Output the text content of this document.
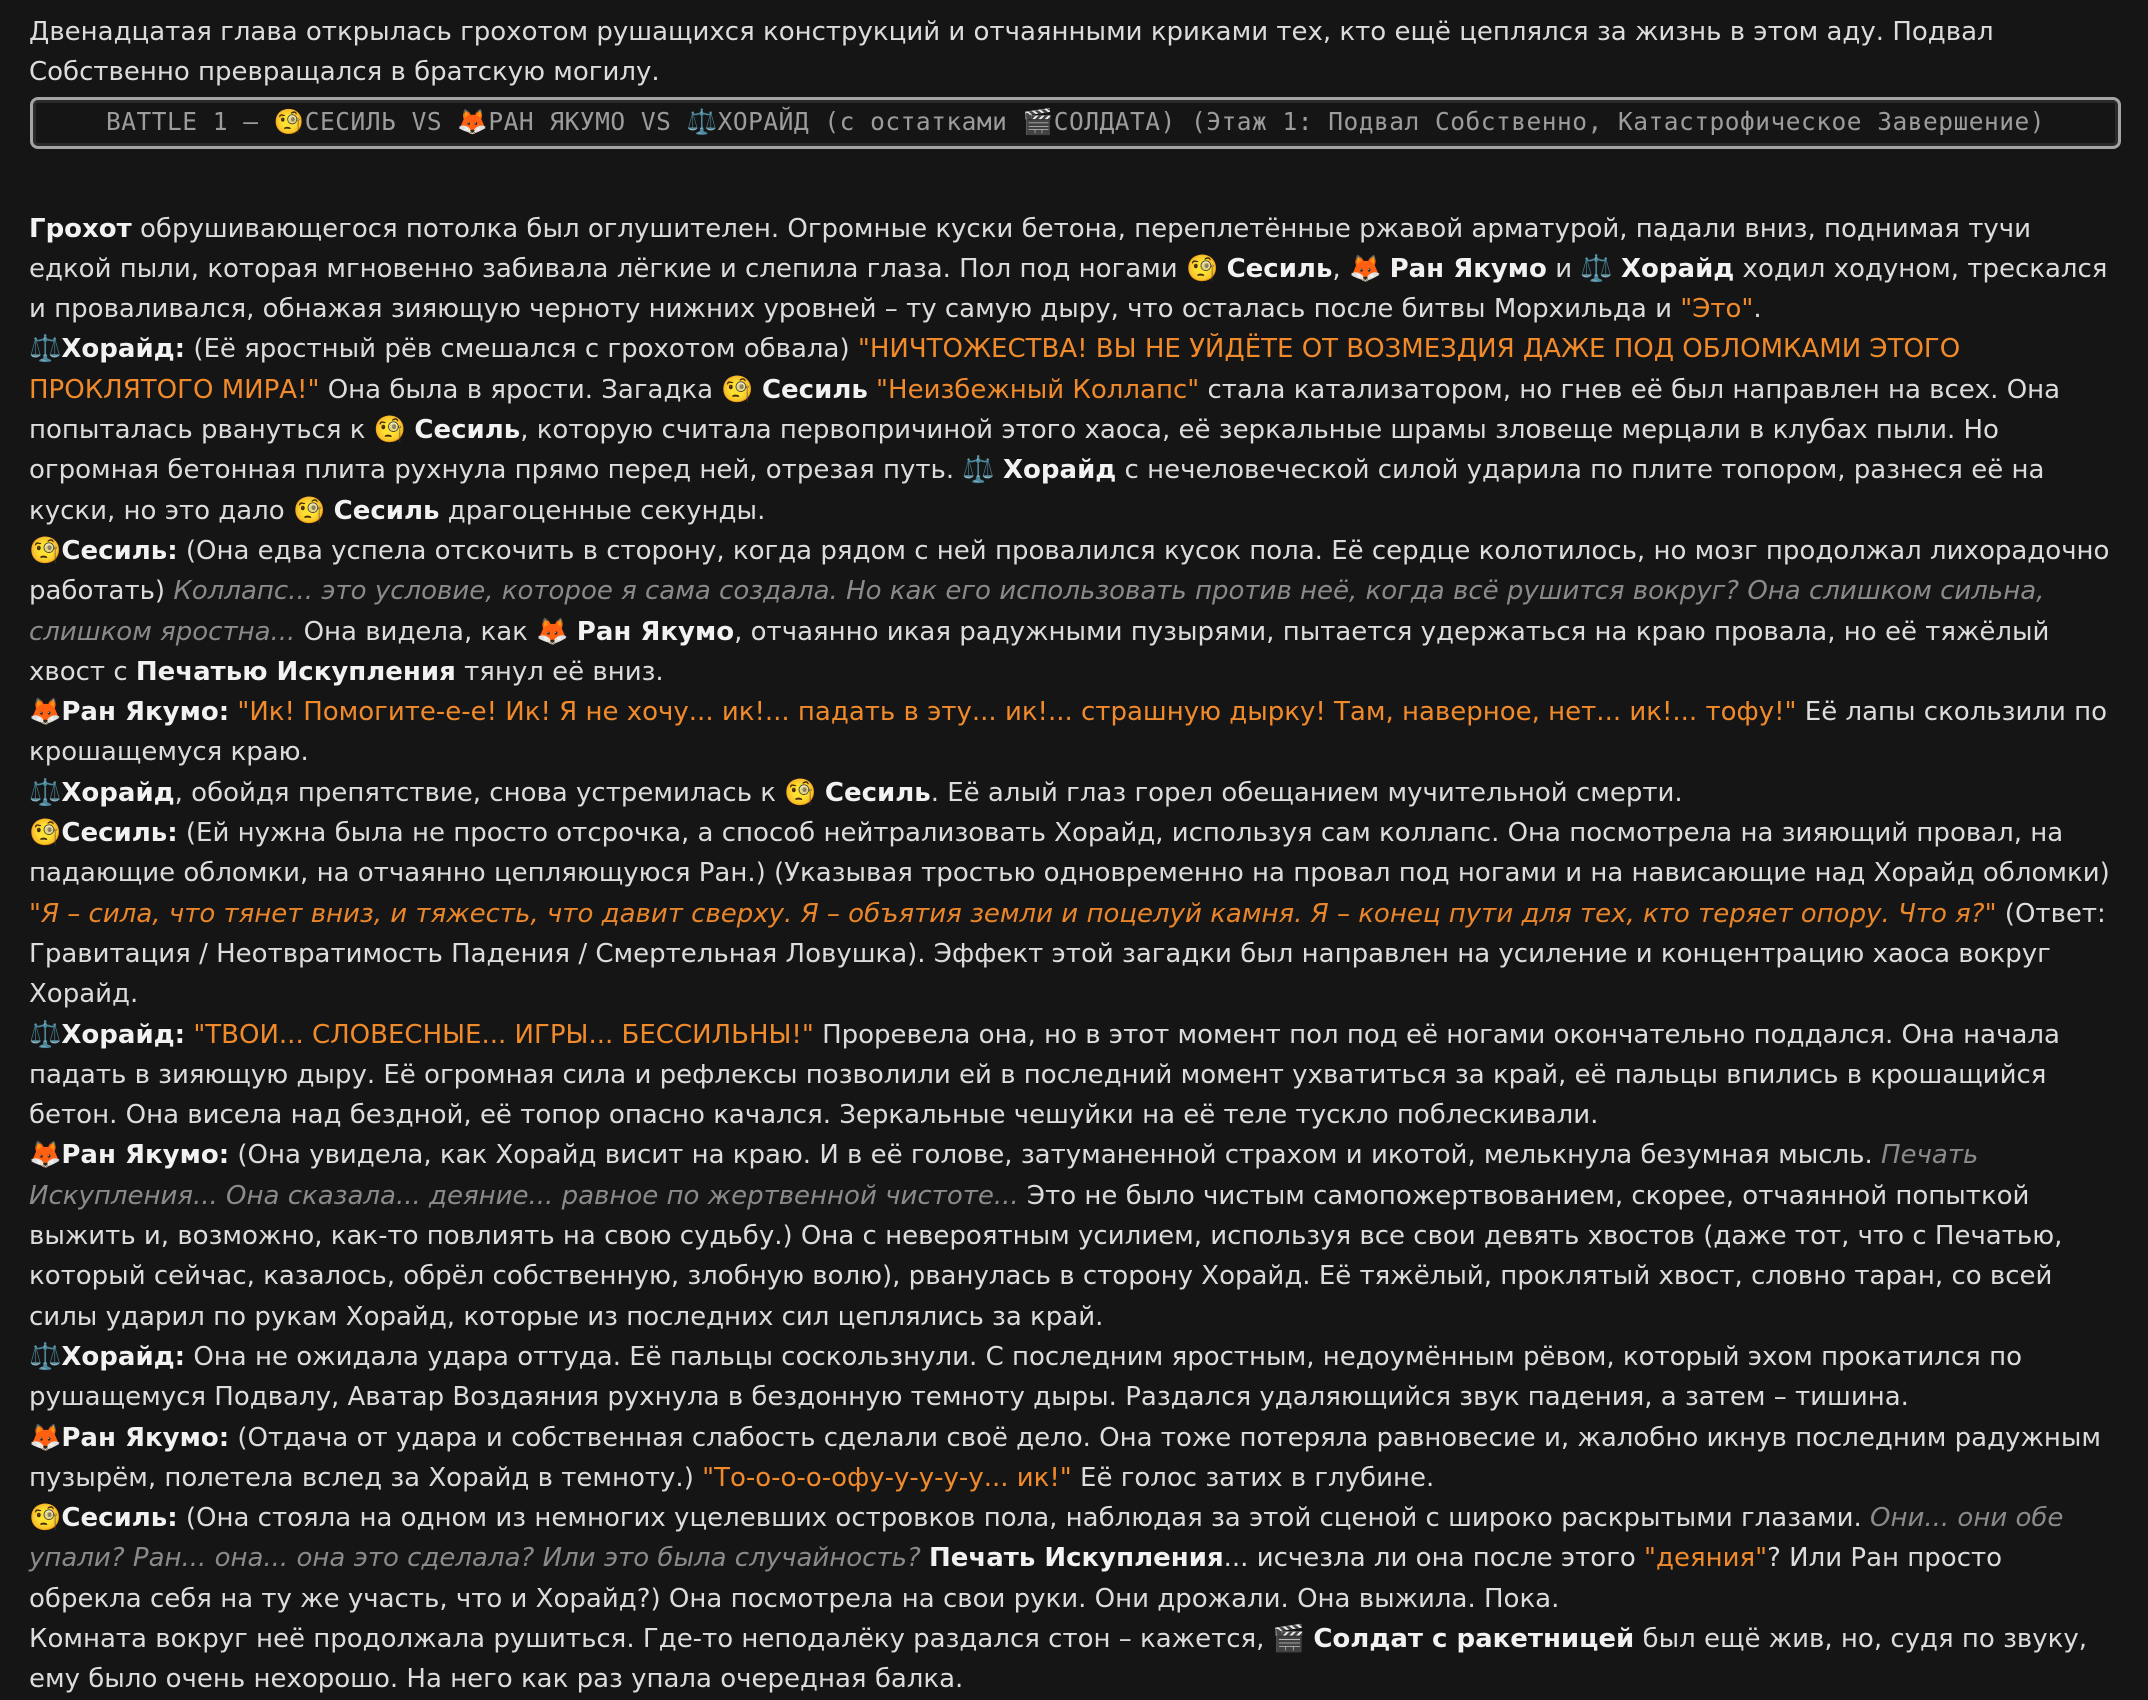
Двенадцатая глава открылась грохотом рушащихся конструкций и отчаянными криками тех, кто ещё цеплялся за жизнь в этом аду. Подвал Собственно превращался в братскую могилу.

BATTLE 1 – 🧐СЕСИЛЬ VS 🦊РАН ЯКУМО VS ⚖️ХОРАЙД (с остатками 🎬СОЛДАТА) (Этаж 1: Подвал Собственно, Катастрофическое Завершение)

Грохот обрушивающегося потолка был оглушителен. Огромные куски бетона, переплетённые ржавой арматурой, падали вниз, поднимая тучи едкой пыли, которая мгновенно забивала лёгкие и слепила глаза. Пол под ногами 🧐 Сесиль, 🦊 Ран Якумо и ⚖️ Хорайд ходил ходуном, трескался и проваливался, обнажая зияющую черноту нижних уровней – ту самую дыру, что осталась после битвы Морхильда и "Это".

⚖️Хорайд: (Её яростный рёв смешался с грохотом обвала) "НИЧТОЖЕСТВА! ВЫ НЕ УЙДЁТЕ ОТ ВОЗМЕЗДИЯ ДАЖЕ ПОД ОБЛОМКАМИ ЭТОГО ПРОКЛЯТОГО МИРА!" Она была в ярости. Загадка 🧐 Сесиль "Неизбежный Коллапс" стала катализатором, но гнев её был направлен на всех. Она попыталась рвануться к 🧐 Сесиль, которую считала первопричиной этого хаоса, её зеркальные шрамы зловеще мерцали в клубах пыли. Но огромная бетонная плита рухнула прямо перед ней, отрезая путь. ⚖️ Хорайд с нечеловеческой силой ударила по плите топором, разнеся её на куски, но это дало 🧐 Сесиль драгоценные секунды.

🧐Сесиль: (Она едва успела отскочить в сторону, когда рядом с ней провалился кусок пола. Её сердце колотилось, но мозг продолжал лихорадочно работать) Коллапс... это условие, которое я сама создала. Но как его использовать против неё, когда всё рушится вокруг? Она слишком сильна, слишком яростна... Она видела, как 🦊 Ран Якумо, отчаянно икая радужными пузырями, пытается удержаться на краю провала, но её тяжёлый хвост с Печатью Искупления тянул её вниз.

🦊Ран Якумо: "Ик! Помогите-е-е! Ик! Я не хочу... ик!... падать в эту... ик!... страшную дырку! Там, наверное, нет... ик!... тофу!" Её лапы скользили по крошащемуся краю.

⚖️Хорайд, обойдя препятствие, снова устремилась к 🧐 Сесиль. Её алый глаз горел обещанием мучительной смерти.

🧐Сесиль: (Ей нужна была не просто отсрочка, а способ нейтрализовать Хорайд, используя сам коллапс. Она посмотрела на зияющий провал, на падающие обломки, на отчаянно цепляющуюся Ран.) (Указывая тростью одновременно на провал под ногами и на нависающие над Хорайд обломки) "Я – сила, что тянет вниз, и тяжесть, что давит сверху. Я – объятия земли и поцелуй камня. Я – конец пути для тех, кто теряет опору. Что я?" (Ответ: Гравитация / Неотвратимость Падения / Смертельная Ловушка). Эффект этой загадки был направлен на усиление и концентрацию хаоса вокруг Хорайд.

⚖️Хорайд: "ТВОИ... СЛОВЕСНЫЕ... ИГРЫ... БЕССИЛЬНЫ!" Проревела она, но в этот момент пол под её ногами окончательно поддался. Она начала падать в зияющую дыру. Её огромная сила и рефлексы позволили ей в последний момент ухватиться за край, её пальцы впились в крошащийся бетон. Она висела над бездной, её топор опасно качался. Зеркальные чешуйки на её теле тускло поблескивали.

🦊Ран Якумо: (Она увидела, как Хорайд висит на краю. И в её голове, затуманенной страхом и икотой, мелькнула безумная мысль. Печать Искупления... Она сказала... деяние... равное по жертвенной чистоте... Это не было чистым самопожертвованием, скорее, отчаянной попыткой выжить и, возможно, как-то повлиять на свою судьбу.) Она с невероятным усилием, используя все свои девять хвостов (даже тот, что с Печатью, который сейчас, казалось, обрёл собственную, злобную волю), рванулась в сторону Хорайд. Её тяжёлый, проклятый хвост, словно таран, со всей силы ударил по рукам Хорайд, которые из последних сил цеплялись за край.

⚖️Хорайд: Она не ожидала удара оттуда. Её пальцы соскользнули. С последним яростным, недоумённым рёвом, который эхом прокатился по рушащемуся Подвалу, Аватар Воздаяния рухнула в бездонную темноту дыры. Раздался удаляющийся звук падения, а затем – тишина.

🦊Ран Якумо: (Отдача от удара и собственная слабость сделали своё дело. Она тоже потеряла равновесие и, жалобно икнув последним радужным пузырём, полетела вслед за Хорайд в темноту.) "То-о-о-о-офу-у-у-у-у... ик!" Её голос затих в глубине.

🧐Сесиль: (Она стояла на одном из немногих уцелевших островков пола, наблюдая за этой сценой с широко раскрытыми глазами. Они... они обе упали? Ран... она... она это сделала? Или это была случайность? Печать Искупления... исчезла ли она после этого "деяния"? Или Ран просто обрекла себя на ту же участь, что и Хорайд?) Она посмотрела на свои руки. Они дрожали. Она выжила. Пока.

Комната вокруг неё продолжала рушиться. Где-то неподалёку раздался стон – кажется, 🎬 Солдат с ракетницей был ещё жив, но, судя по звуку, ему было очень нехорошо. На него как раз упала очередная балка.
